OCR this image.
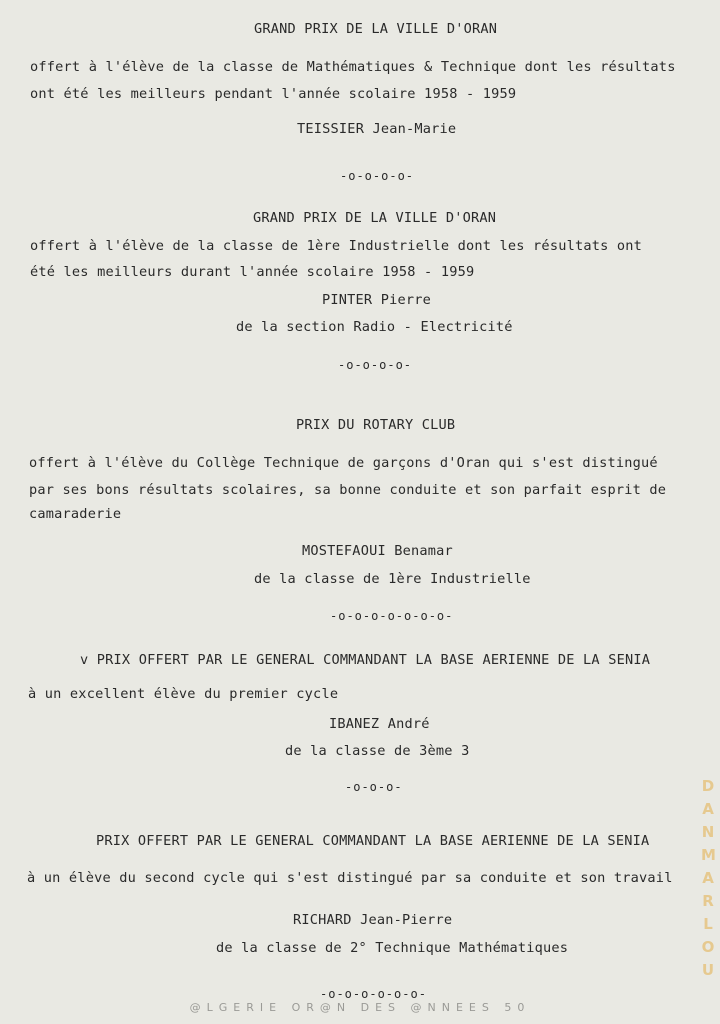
GRAND PRIX DE LA VILLE D'ORAN
offert à l'élève de la classe de Mathématiques & Technique dont les résultats
ont été les meilleurs pendant l'année scolaire 1958 - 1959
TEISSIER Jean-Marie
-o-o-o-o-
GRAND PRIX DE LA VILLE D'ORAN
offert à l'élève de la classe de 1ère Industrielle dont les résultats ont
été les meilleurs durant l'année scolaire 1958 - 1959
PINTER Pierre
de la section Radio - Electricité
-o-o-o-o-
PRIX DU ROTARY CLUB
offert à l'élève du Collège Technique de garçons d'Oran qui s'est distingué
par ses bons résultats scolaires, sa bonne conduite et son parfait esprit de
camaraderie
MOSTEFAOUI Benamar
de la classe de 1ère Industrielle
-o-o-o-o-o-o-o-
v PRIX OFFERT PAR LE GENERAL COMMANDANT LA BASE AERIENNE DE LA SENIA
à un excellent élève du premier cycle
IBANEZ André
de la classe de 3ème 3
-o-o-o-
PRIX OFFERT PAR LE GENERAL COMMANDANT LA BASE AERIENNE DE LA SENIA
à un élève du second cycle qui s'est distingué par sa conduite et son travail
RICHARD Jean-Pierre
de la classe de 2° Technique Mathématiques
-o-o-o-o-o-o-
DANMARLOU
@LGERIE OR@N DES @NNEES 50
